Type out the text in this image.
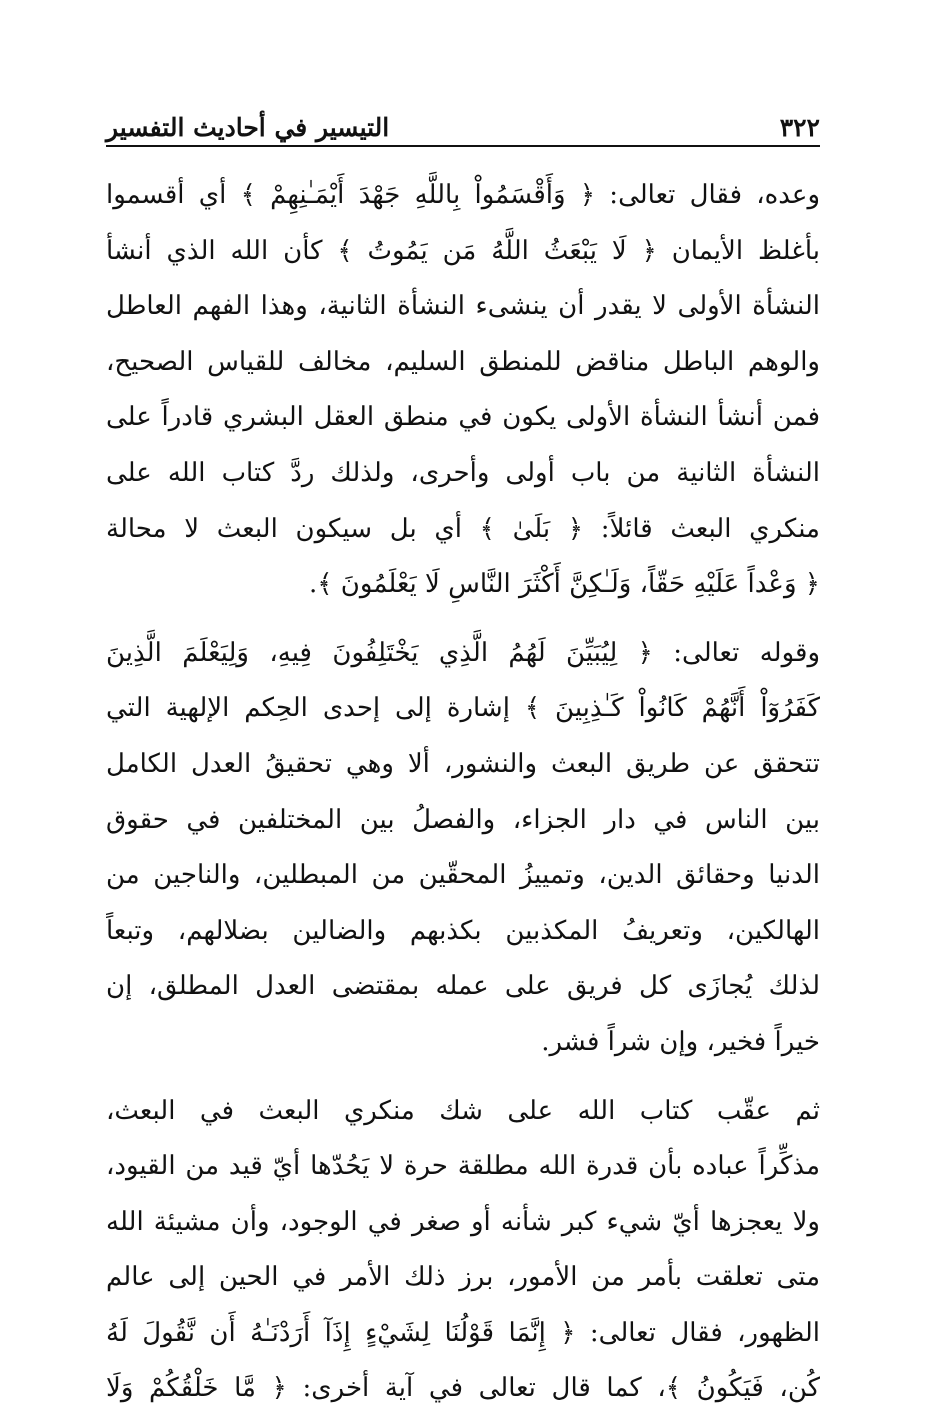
٣٢٢
التيسير في أحاديث التفسير
وعده، فقال تعالى: ﴿ وَأَقْسَمُواْ بِاللَّهِ جَهْدَ أَيْمَـٰنِهِمْ ﴾ أي أقسموا
بأغلظ الأيمان ﴿ لَا يَبْعَثُ اللَّهُ مَن يَمُوتُ ﴾ كأن الله الذي أنشأ
النشأة الأولى لا يقدر أن ينشىء النشأة الثانية، وهذا الفهم العاطل
والوهم الباطل مناقض للمنطق السليم، مخالف للقياس الصحيح،
فمن أنشأ النشأة الأولى يكون في منطق العقل البشري قادراً على
النشأة الثانية من باب أولى وأحرى، ولذلك ردَّ كتاب الله على
منكري البعث قائلاً: ﴿ بَلَىٰ ﴾ أي بل سيكون البعث لا محالة
﴿ وَعْداً عَلَيْهِ حَقّاً، وَلَـٰكِنَّ أَكْثَرَ النَّاسِ لَا يَعْلَمُونَ ﴾.
وقوله تعالى: ﴿ لِيُبَيِّنَ لَهُمُ الَّذِي يَخْتَلِفُونَ فِيهِ، وَلِيَعْلَمَ الَّذِينَ
كَفَرُوٓاْ أَنَّهُمْ كَانُواْ كَـٰذِبِينَ ﴾ إشارة إلى إحدى الحِكم الإلهية التي
تتحقق عن طريق البعث والنشور، ألا وهي تحقيقُ العدل الكامل
بين الناس في دار الجزاء، والفصلُ بين المختلفين في حقوق
الدنيا وحقائق الدين، وتمييزُ المحقّين من المبطلين، والناجين من
الهالكين، وتعريفُ المكذبين بكذبهم والضالين بضلالهم، وتبعاً
لذلك يُجازَى كل فريق على عمله بمقتضى العدل المطلق، إن
خيراً فخير، وإن شراً فشر.
ثم عقّب كتاب الله على شك منكري البعث في البعث،
مذكِّراً عباده بأن قدرة الله مطلقة حرة لا يَحُدّها أيّ قيد من القيود،
ولا يعجزها أيّ شيء كبر شأنه أو صغر في الوجود، وأن مشيئة الله
متى تعلقت بأمر من الأمور، برز ذلك الأمر في الحين إلى عالم
الظهور، فقال تعالى: ﴿ إِنَّمَا قَوْلُنَا لِشَيْءٍ إِذَآ أَرَدْنَـٰهُ أَن نَّقُولَ لَهُ
كُن، فَيَكُونُ ﴾، كما قال تعالى في آية أخرى: ﴿ مَّا خَلْقُكُمْ وَلَا
